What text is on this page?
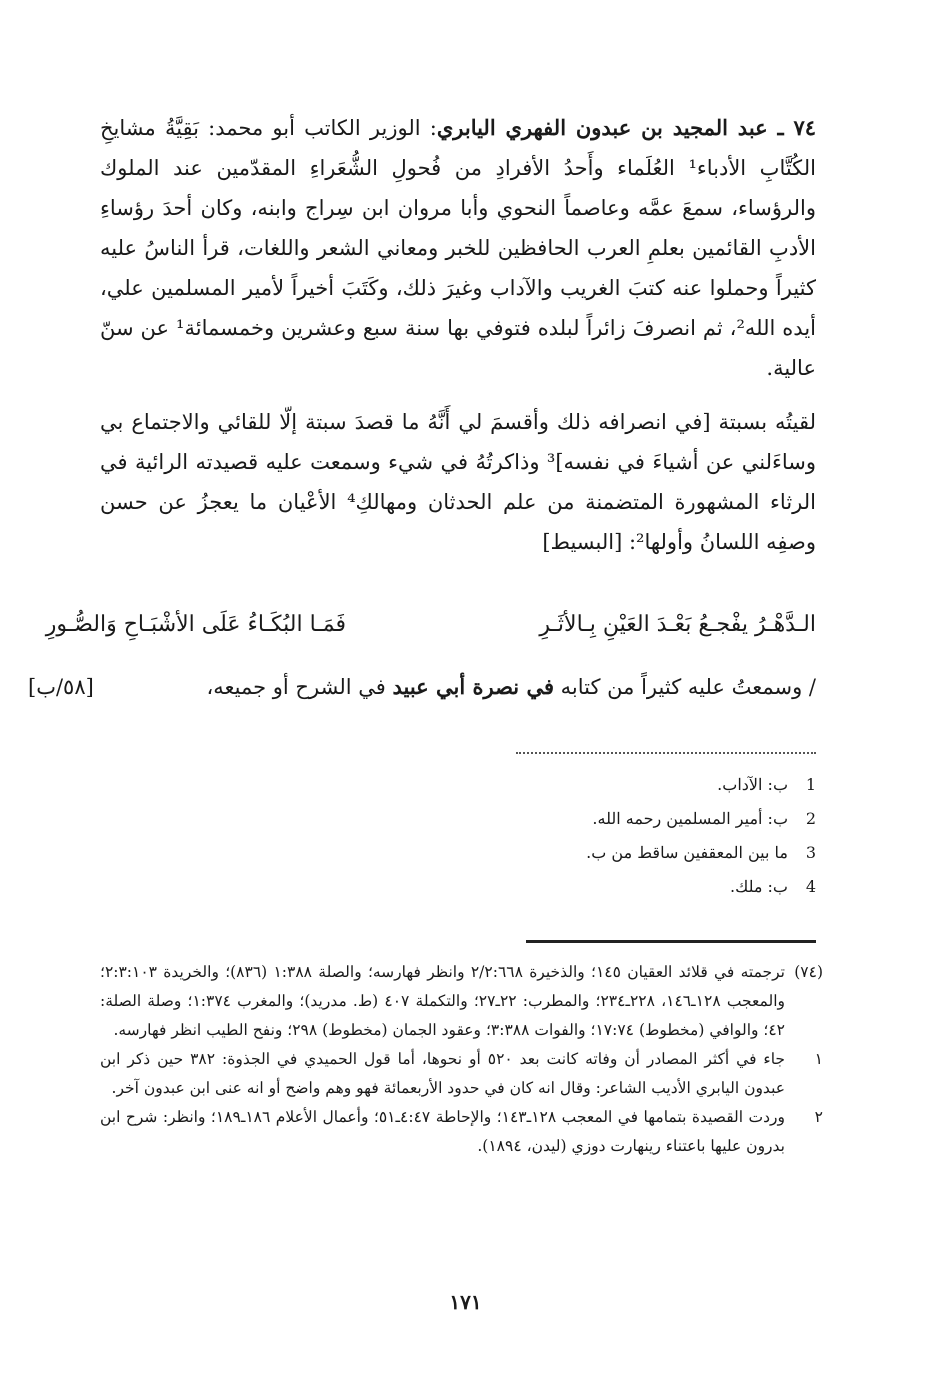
٧٤ ـ عبد المجيد بن عبدون الفهري اليابري: الوزير الكاتب أبو محمد: بَقِيَّةُ مشايخِ الكُتَّابِ الأدباء¹ العُلَماء وأَحدُ الأفرادِ من فُحولِ الشُّعَراءِ المقدّمين عند الملوك والرؤساء، سمعَ عمَّه وعاصماً النحوي وأبا مروان ابن سِراج وابنه، وكان أحدَ رؤساءِ الأدبِ القائمين بعلمِ العرب الحافظين للخبر ومعاني الشعر واللغات، قرأ الناسُ عليه كثيراً وحملوا عنه كتبَ الغريب والآداب وغيرَ ذلك، وكَتَبَ أخيراً لأمير المسلمين علي، أيده الله²، ثم انصرفَ زائراً لبلده فتوفي بها سنة سبع وعشرين وخمسمائة¹ عن سنّ عالية.

لقيتُه بسبتة [في انصرافه ذلك وأقسمَ لي أَنَّهُ ما قصدَ سبتة إلّا للقائي والاجتماع بي وساءَلني عن أشياءَ في نفسه]³ وذاكرتُهُ في شيء وسمعت عليه قصيدته الرائية في الرثاء المشهورة المتضمنة من علم الحدثان ومهالكِ⁴ الأعْيان ما يعجزُ عن حسن وصفِه اللسانُ وأولها²: [البسيط]

الـدَّهْـرُ يفْجـعُ بَعْـدَ العَيْنِ بِـالأثَـرِ
فَمَـا البُكَـاءُ عَلَى الأشْبَـاحِ وَالصُّـورِ
/ وسمعتُ عليه كثيراً من كتابه في نصرة أبي عبيد في الشرح أو جميعه،
[٥٨/ب]
1ب: الآداب.
2ب: أمير المسلمين رحمه الله.
3ما بين المعقفين ساقط من ب.
4ب: ملك.
(٧٤)
ترجمته في قلائد العقيان ١٤٥؛ والذخيرة ٢/٢:٦٦٨ وانظر فهارسه؛ والصلة ١:٣٨٨ (٨٣٦)؛ والخريدة ٢:٣:١٠٣؛ والمعجب ١٢٨ـ١٤٦، ٢٢٨ـ٢٣٤؛ والمطرب: ٢٢ـ٢٧؛ والتكملة ٤٠٧ (ط. مدريد)؛ والمغرب ١:٣٧٤؛ وصلة الصلة: ٤٢؛ والوافي (مخطوط) ١٧:٧٤؛ والفوات ٣:٣٨٨؛ وعقود الجمان (مخطوط) ٢٩٨؛ ونفح الطيب انظر فهارسه.
١
جاء في أكثر المصادر أن وفاته كانت بعد ٥٢٠ أو نحوها، أما قول الحميدي في الجذوة: ٣٨٢ حين ذكر ابن عبدون اليابري الأديب الشاعر: وقال انه كان في حدود الأربعمائة فهو وهم واضح أو انه عنى ابن عبدون آخر.
٢
وردت القصيدة بتمامها في المعجب ١٢٨ـ١٤٣؛ والإحاطة ٤:٤٧ـ٥١؛ وأعمال الأعلام ١٨٦ـ١٨٩؛ وانظر: شرح ابن بدرون عليها باعتناء رينهارت دوزي (ليدن، ١٨٩٤).
١٧١
